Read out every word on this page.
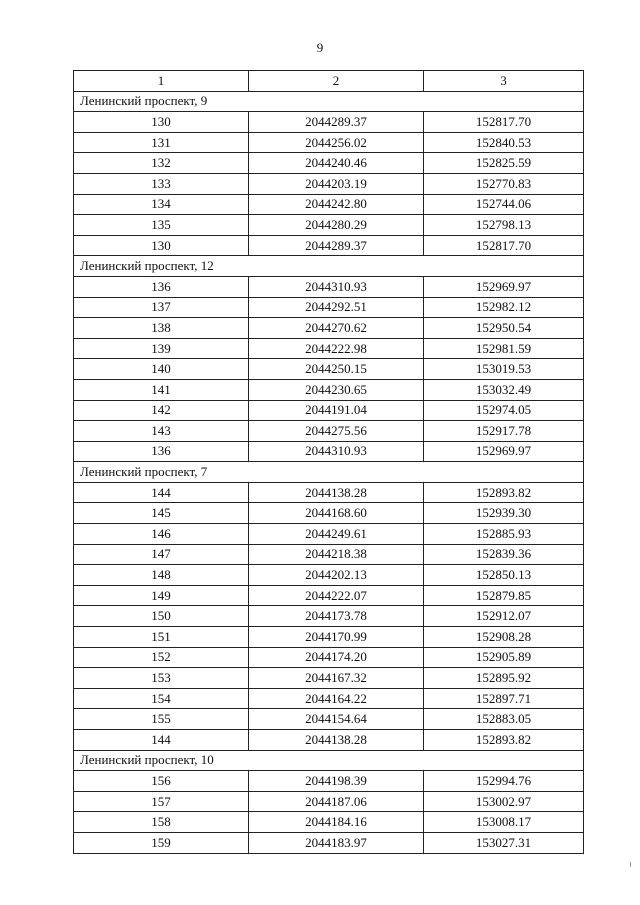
9
1	2	3
Ленинский проспект, 9		
130	2044289.37	152817.70
131	2044256.02	152840.53
132	2044240.46	152825.59
133	2044203.19	152770.83
134	2044242.80	152744.06
135	2044280.29	152798.13
130	2044289.37	152817.70
Ленинский проспект, 12		
136	2044310.93	152969.97
137	2044292.51	152982.12
138	2044270.62	152950.54
139	2044222.98	152981.59
140	2044250.15	153019.53
141	2044230.65	153032.49
142	2044191.04	152974.05
143	2044275.56	152917.78
136	2044310.93	152969.97
Ленинский проспект, 7		
144	2044138.28	152893.82
145	2044168.60	152939.30
146	2044249.61	152885.93
147	2044218.38	152839.36
148	2044202.13	152850.13
149	2044222.07	152879.85
150	2044173.78	152912.07
151	2044170.99	152908.28
152	2044174.20	152905.89
153	2044167.32	152895.92
154	2044164.22	152897.71
155	2044154.64	152883.05
144	2044138.28	152893.82
Ленинский проспект, 10		
156	2044198.39	152994.76
157	2044187.06	153002.97
158	2044184.16	153008.17
159	2044183.97	153027.31
